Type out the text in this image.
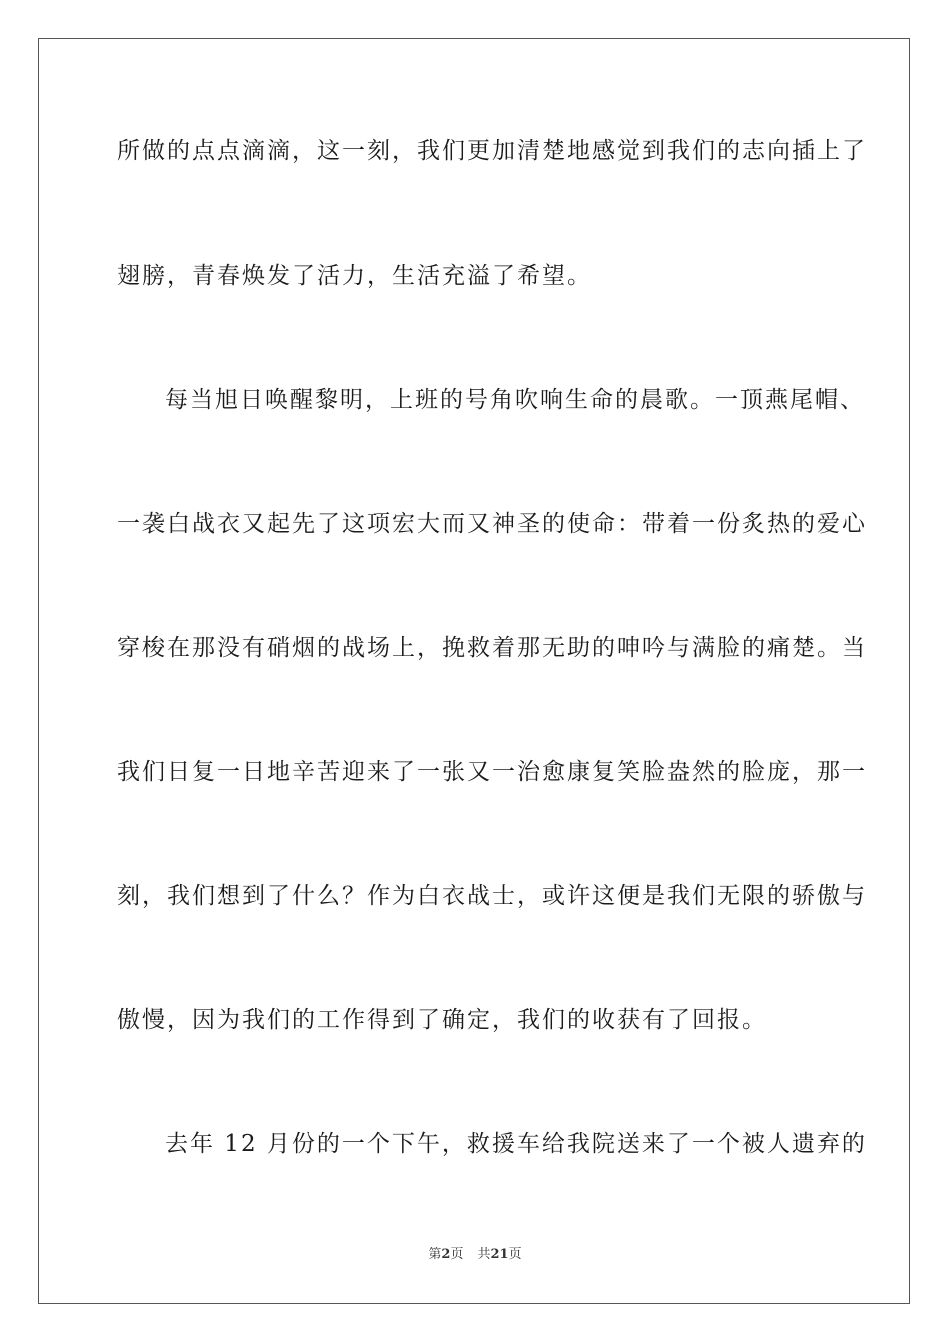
所做的点点滴滴，这一刻，我们更加清楚地感觉到我们的志向插上了
翅膀，青春焕发了活力，生活充溢了希望。
每当旭日唤醒黎明，上班的号角吹响生命的晨歌。一顶燕尾帽、
一袭白战衣又起先了这项宏大而又神圣的使命：带着一份炙热的爱心
穿梭在那没有硝烟的战场上，挽救着那无助的呻吟与满脸的痛楚。当
我们日复一日地辛苦迎来了一张又一治愈康复笑脸盎然的脸庞，那一
刻，我们想到了什么？作为白衣战士，或许这便是我们无限的骄傲与
傲慢，因为我们的工作得到了确定，我们的收获有了回报。
去年 12 月份的一个下午，救援车给我院送来了一个被人遗弃的
第2页 共21页
